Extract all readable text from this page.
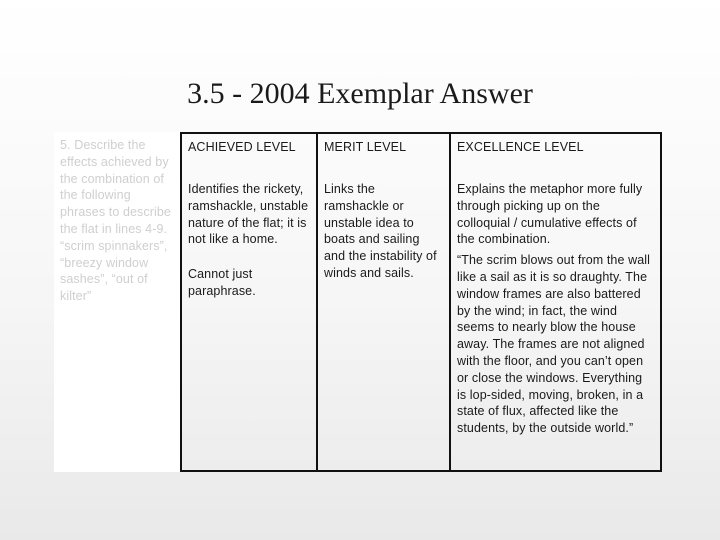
3.5 - 2004 Exemplar Answer
5. Describe the effects achieved by the combination of the following phrases to describe the flat in lines 4-9. “scrim spinnakers”, “breezy window sashes”, “out of kilter”
ACHIEVED LEVEL
Identifies the rickety, ramshackle, unstable nature of the flat; it is not like a home.
Cannot just paraphrase.
MERIT LEVEL
Links the ramshackle or unstable idea to boats and sailing and the instability of winds and sails.
EXCELLENCE LEVEL
Explains the metaphor more fully through picking up on the colloquial / cumulative effects of the combination.
“The scrim blows out from the wall like a sail as it is so draughty. The window frames are also battered by the wind; in fact, the wind seems to nearly blow the house away. The frames are not aligned with the floor, and you can’t open or close the windows. Everything is lop-sided, moving, broken, in a state of flux, affected like the students, by the outside world.”
